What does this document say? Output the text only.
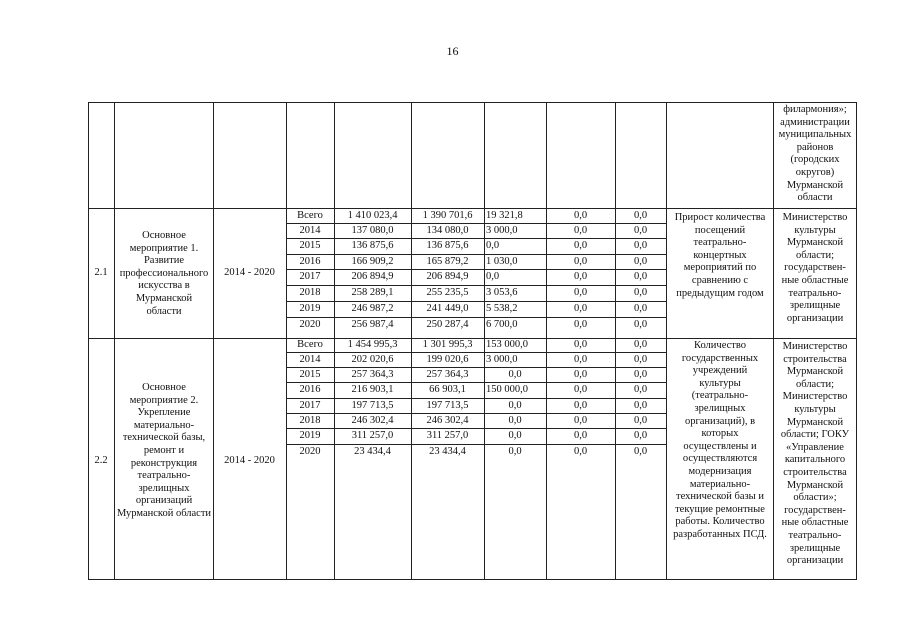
16
филармония»; администрации муниципальных районов (городских округов) Мурманской области
2.1
Основное мероприятие 1. Развитие профессионального искусства в Мурманской области
2014 - 2020
Прирост количества посещений театрально-концертных мероприятий по сравнению с предыдущим годом
Министерство культуры Мурманской области; государствен-ные областные театрально-зрелищные организации
Всего
2014
2015
2016
2017
2018
2019
2020
1 410 023,4
137 080,0
136 875,6
166 909,2
206 894,9
258 289,1
246 987,2
256 987,4
1 390 701,6
134 080,0
136 875,6
165 879,2
206 894,9
255 235,5
241 449,0
250 287,4
19 321,8
3 000,0
0,0
1 030,0
0,0
3 053,6
5 538,2
6 700,0
0,0
0,0
0,0
0,0
0,0
0,0
0,0
0,0
0,0
0,0
0,0
0,0
0,0
0,0
0,0
0,0
2.2
Основное мероприятие 2. Укрепление материально-технической базы, ремонт и реконструкция театрально-зрелищных организаций Мурманской области
2014 - 2020
Количество государственных учреждений культуры (театрально-зрелищных организаций), в которых осуществлены и осуществляются модернизация материально-технической базы и текущие ремонтные работы. Количество разработанных ПСД.
Министерство строительства Мурманской области; Министерство культуры Мурманской области; ГОКУ «Управление капитального строительства Мурманской области»; государствен-ные областные театрально-зрелищные организации
Всего
2014
2015
2016
2017
2018
2019
2020
1 454 995,3
202 020,6
257 364,3
216 903,1
197 713,5
246 302,4
311 257,0
23 434,4
1 301 995,3
199 020,6
257 364,3
66 903,1
197 713,5
246 302,4
311 257,0
23 434,4
153 000,0
3 000,0
0,0
150 000,0
0,0
0,0
0,0
0,0
0,0
0,0
0,0
0,0
0,0
0,0
0,0
0,0
0,0
0,0
0,0
0,0
0,0
0,0
0,0
0,0
